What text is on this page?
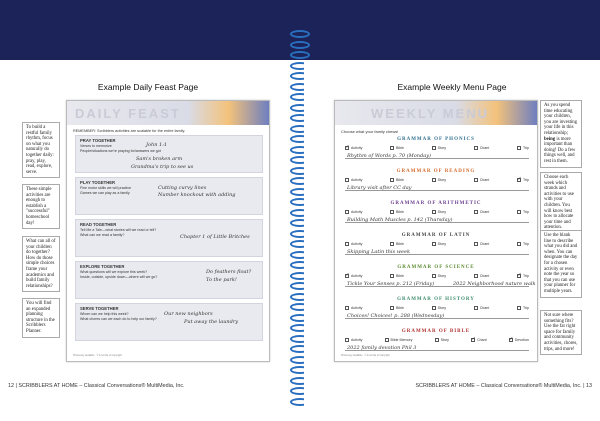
Example Daily Feast Page
DAILY FEAST
REMEMBER: Scribblers activities are scalable for the entire family.
PRAY TOGETHER
Verses to memorize
People/situations we're praying for/answers we got
John 1:1
Sam's broken arm
Grandma's trip to see us
PLAY TOGETHER
Fine motor skills we will practice
Games we can play as a family
Cutting curvy lines
Number knockout with adding
READ TOGETHER
Tell Me a Tale—what stories will we read or tell?
What can we read a family?	Chapter 1 of Little Britches
EXPLORE TOGETHER
What questions will we explore this week?
Inside, outside, upside down—where will we go?
Do feathers float?
To the park!
SERVE TOGETHER
Whom can we help this week?
What chores can we each do to help our family?
Our new neighbors
Put away the laundry
Photocopy available · © & rel title of Copyright
To build a restful family rhythm, focus on what you naturally do together daily: pray, play, read, explore, serve.
These simple activities are enough to establish a "successful" homeschool day!
What can all of your children do together? How do those simple choices frame your academics and build family relationships?
You will find an expanded planning structure in the Scribblers Planner.
12 | SCRIBBLERS AT HOME – Classical Conversations® MultiMedia, Inc.
Example Weekly Menu Page
WEEKLY MENU
Choose what your family chews!
Photocopy available · © & rel title of Copyright
GRAMMAR OF PHONICS
✓
Activity	Bible	Story	Chant	Trip
Rhythm of Words p. 70 (Monday)
GRAMMAR OF READING
Activity	Bible	Story	Chant ✓	Trip
Library visit after CC day
GRAMMAR OF ARITHMETIC
Activity	Bible	Story	Chant	Trip
Building Math Muscles p. 142 (Thursday)
GRAMMAR OF LATIN
Activity	Bible	Story	Chant	Trip
Skipping Latin this week
GRAMMAR OF SCIENCE
✓
Activity	Bible	Story	Chant ✓	Trip
Tickle Your Senses p. 212 (Friday)	2022 Neighborhood nature walk
GRAMMAR OF HISTORY
Activity	Bible	Story	Chant	Trip
Choices! Choices! p. 288 (Wednesday)
GRAMMAR OF BIBLE
Activity	Bible Memory	Story ✓	Chant ✓	Devotion
2022 family devotion Phil 3
As you spend time educating your children, you are investing your life in this relationship; being is more important than doing! Do a few things well, and rest in them.
Choose each week which strands and activities to use with your children. You will know best how to allocate your time and attention.
Use the blank line to describe what you did and when. You can designate the day for a chosen activity or even note the year so that you can use your planner for multiple years.
Not sure where something fits? Use the far right space for family and community activities, chores, trips, and more!
SCRIBBLERS AT HOME – Classical Conversations® MultiMedia, Inc. | 13
